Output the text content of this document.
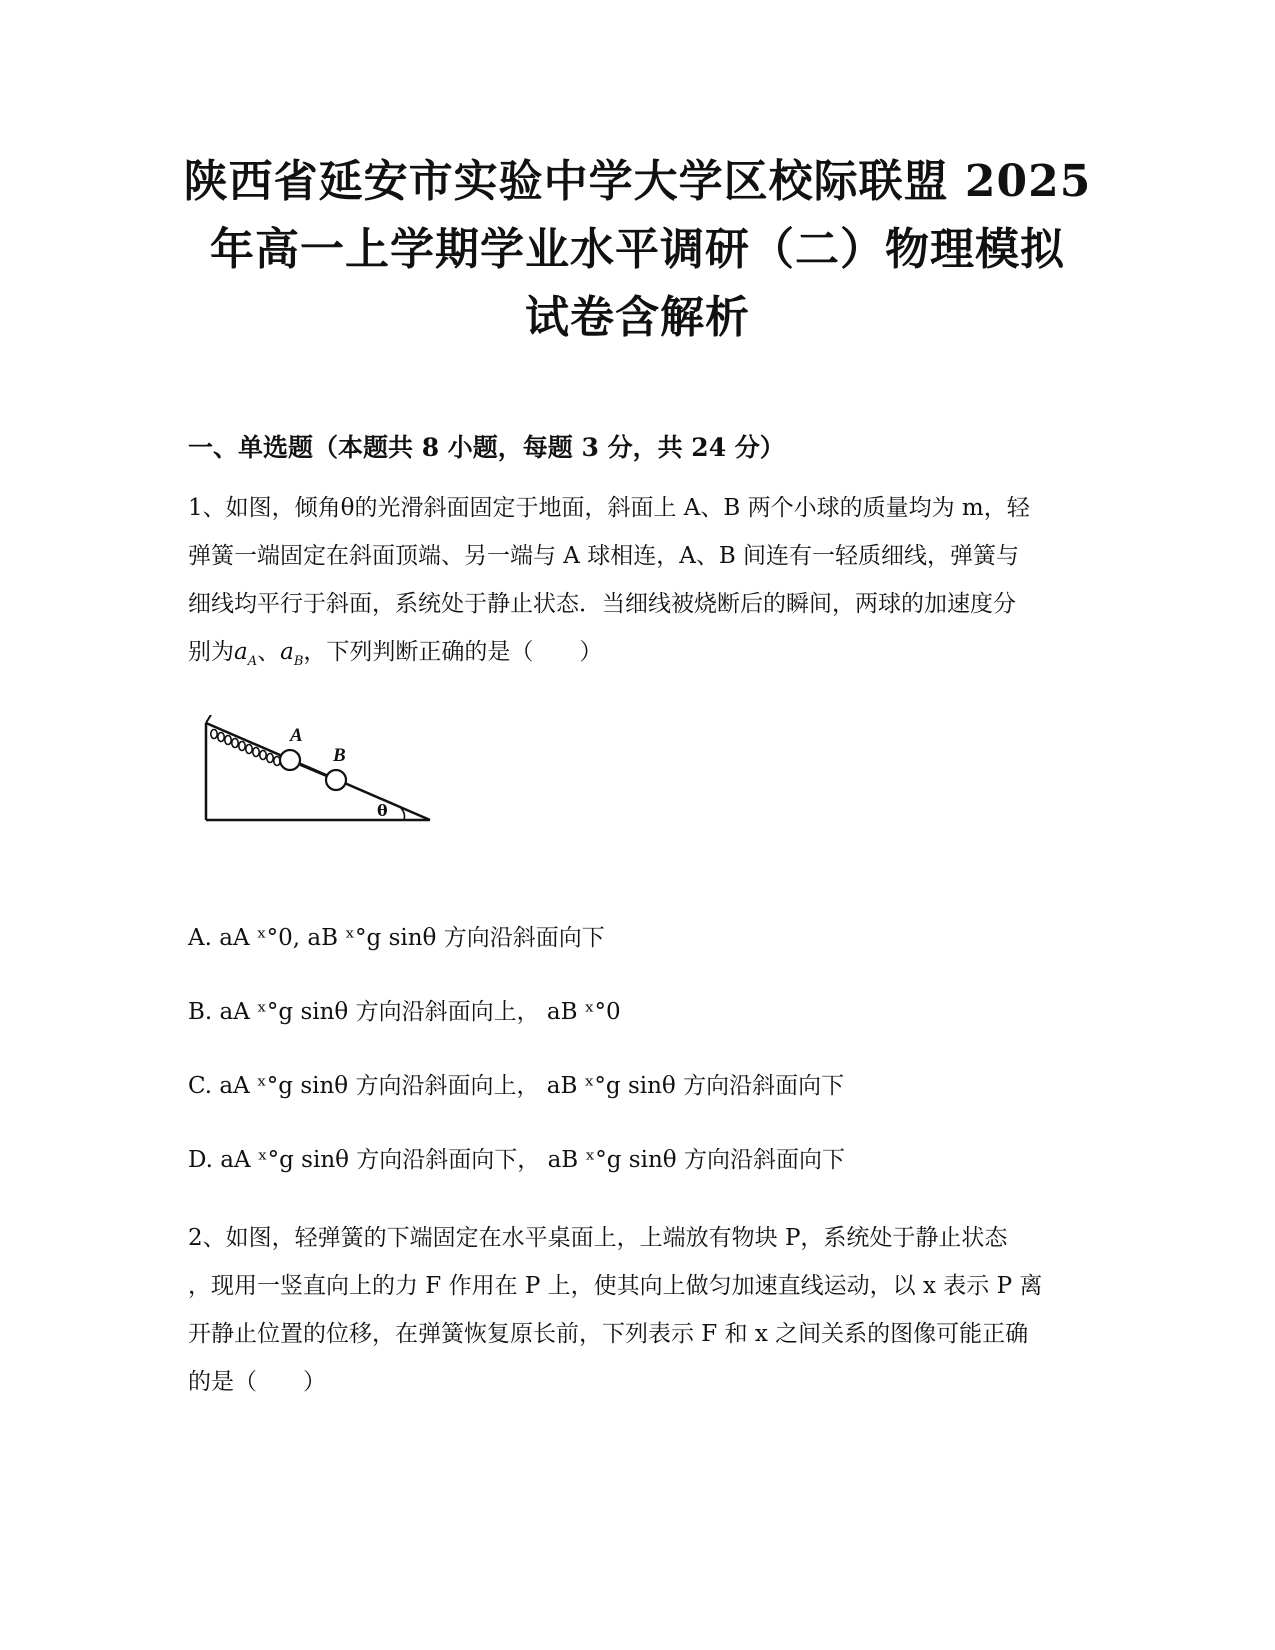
陕西省延安市实验中学大学区校际联盟 2025
年高一上学期学业水平调研（二）物理模拟
试卷含解析
一、单选题（本题共 8 小题，每题 3 分，共 24 分）
1、如图，倾角θ的光滑斜面固定于地面，斜面上 A、B 两个小球的质量均为 m，轻
弹簧一端固定在斜面顶端、另一端与 A 球相连，A、B 间连有一轻质细线，弹簧与
细线均平行于斜面，系统处于静止状态．当细线被烧断后的瞬间，两球的加速度分
别为$a_A$、$a_B$，下列判断正确的是（　　）
A
B
θ
A. aA ˣ°0, aB ˣ°g sinθ 方向沿斜面向下
B. aA ˣ°g sinθ 方向沿斜面向上， aB ˣ°0
C. aA ˣ°g sinθ 方向沿斜面向上， aB ˣ°g sinθ 方向沿斜面向下
D. aA ˣ°g sinθ 方向沿斜面向下， aB ˣ°g sinθ 方向沿斜面向下
2、如图，轻弹簧的下端固定在水平桌面上，上端放有物块 P，系统处于静止状态
，现用一竖直向上的力 F 作用在 P 上，使其向上做匀加速直线运动，以 x 表示 P 离
开静止位置的位移，在弹簧恢复原长前，下列表示 F 和 x 之间关系的图像可能正确
的是（　　）
